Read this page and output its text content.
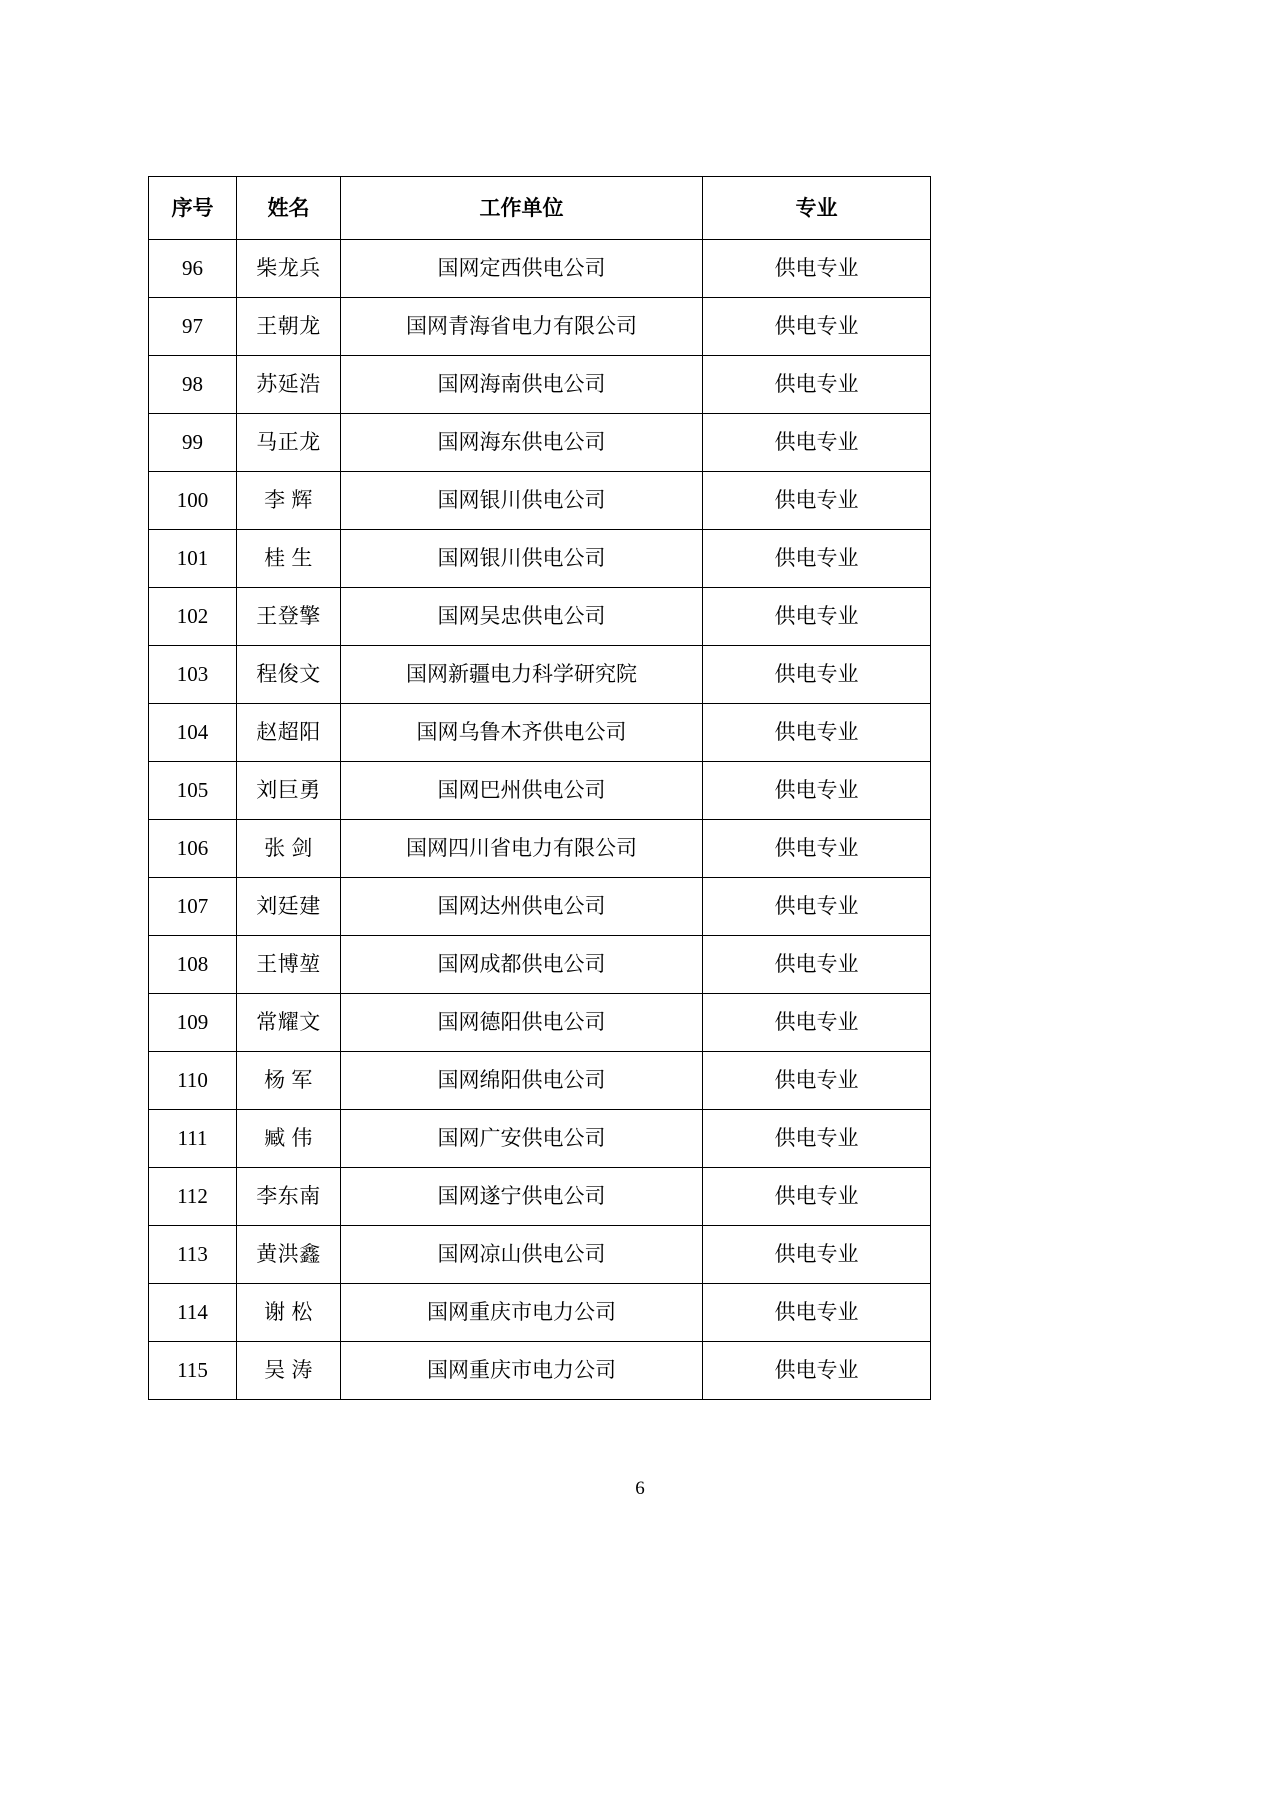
序号	姓名	工作单位	专业
96	柴龙兵	国网定西供电公司	供电专业
97	王朝龙	国网青海省电力有限公司	供电专业
98	苏延浩	国网海南供电公司	供电专业
99	马正龙	国网海东供电公司	供电专业
100	李 辉	国网银川供电公司	供电专业
101	桂 生	国网银川供电公司	供电专业
102	王登擎	国网吴忠供电公司	供电专业
103	程俊文	国网新疆电力科学研究院	供电专业
104	赵超阳	国网乌鲁木齐供电公司	供电专业
105	刘巨勇	国网巴州供电公司	供电专业
106	张 剑	国网四川省电力有限公司	供电专业
107	刘廷建	国网达州供电公司	供电专业
108	王博堃	国网成都供电公司	供电专业
109	常耀文	国网德阳供电公司	供电专业
110	杨 军	国网绵阳供电公司	供电专业
111	臧 伟	国网广安供电公司	供电专业
112	李东南	国网遂宁供电公司	供电专业
113	黄洪鑫	国网凉山供电公司	供电专业
114	谢 松	国网重庆市电力公司	供电专业
115	吴 涛	国网重庆市电力公司	供电专业
6
